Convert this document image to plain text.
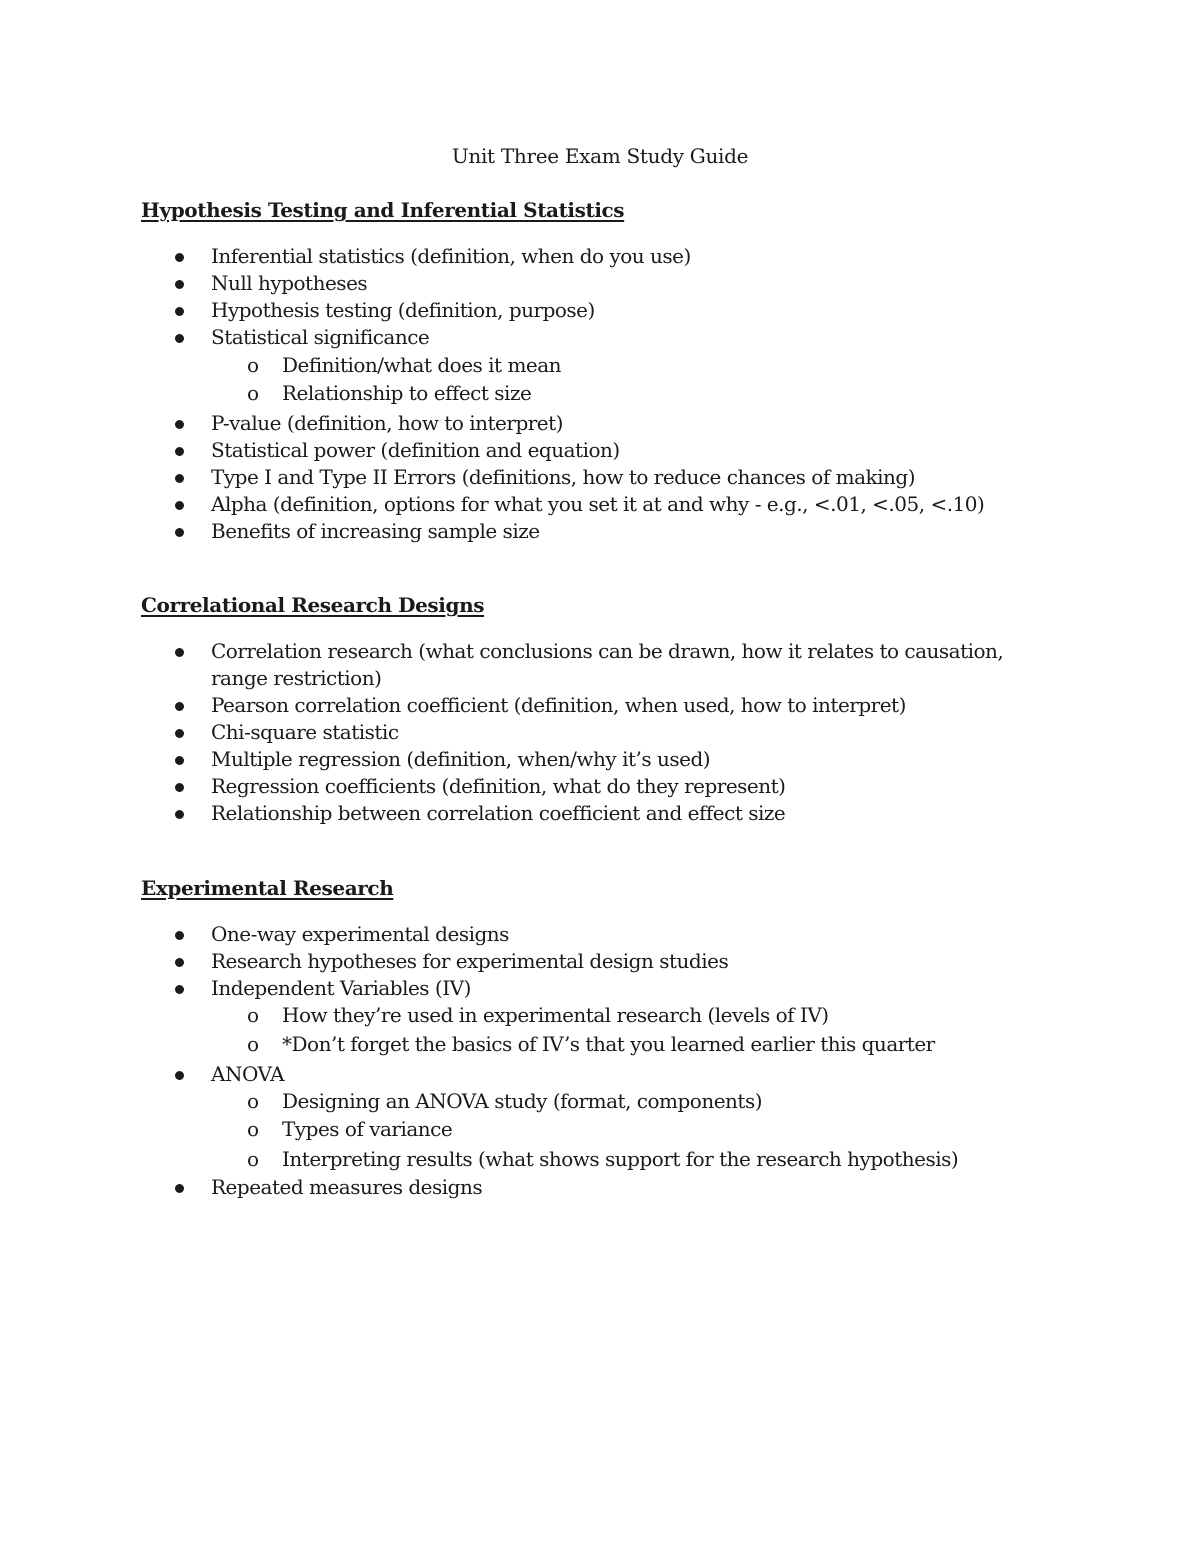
Unit Three Exam Study Guide
Hypothesis Testing and Inferential Statistics
Inferential statistics (definition, when do you use)
Null hypotheses
Hypothesis testing (definition, purpose)
Statistical significance
o Definition/what does it mean
o Relationship to effect size
P-value (definition, how to interpret)
Statistical power (definition and equation)
Type I and Type II Errors (definitions, how to reduce chances of making)
Alpha (definition, options for what you set it at and why - e.g., <.01, <.05, <.10)
Benefits of increasing sample size
Correlational Research Designs
Correlation research (what conclusions can be drawn, how it relates to causation, range restriction)
Pearson correlation coefficient (definition, when used, how to interpret)
Chi-square statistic
Multiple regression (definition, when/why it’s used)
Regression coefficients (definition, what do they represent)
Relationship between correlation coefficient and effect size
Experimental Research
One-way experimental designs
Research hypotheses for experimental design studies
Independent Variables (IV)
o How they’re used in experimental research (levels of IV)
o *Don’t forget the basics of IV’s that you learned earlier this quarter
ANOVA
o Designing an ANOVA study (format, components)
o Types of variance
o Interpreting results (what shows support for the research hypothesis)
Repeated measures designs
